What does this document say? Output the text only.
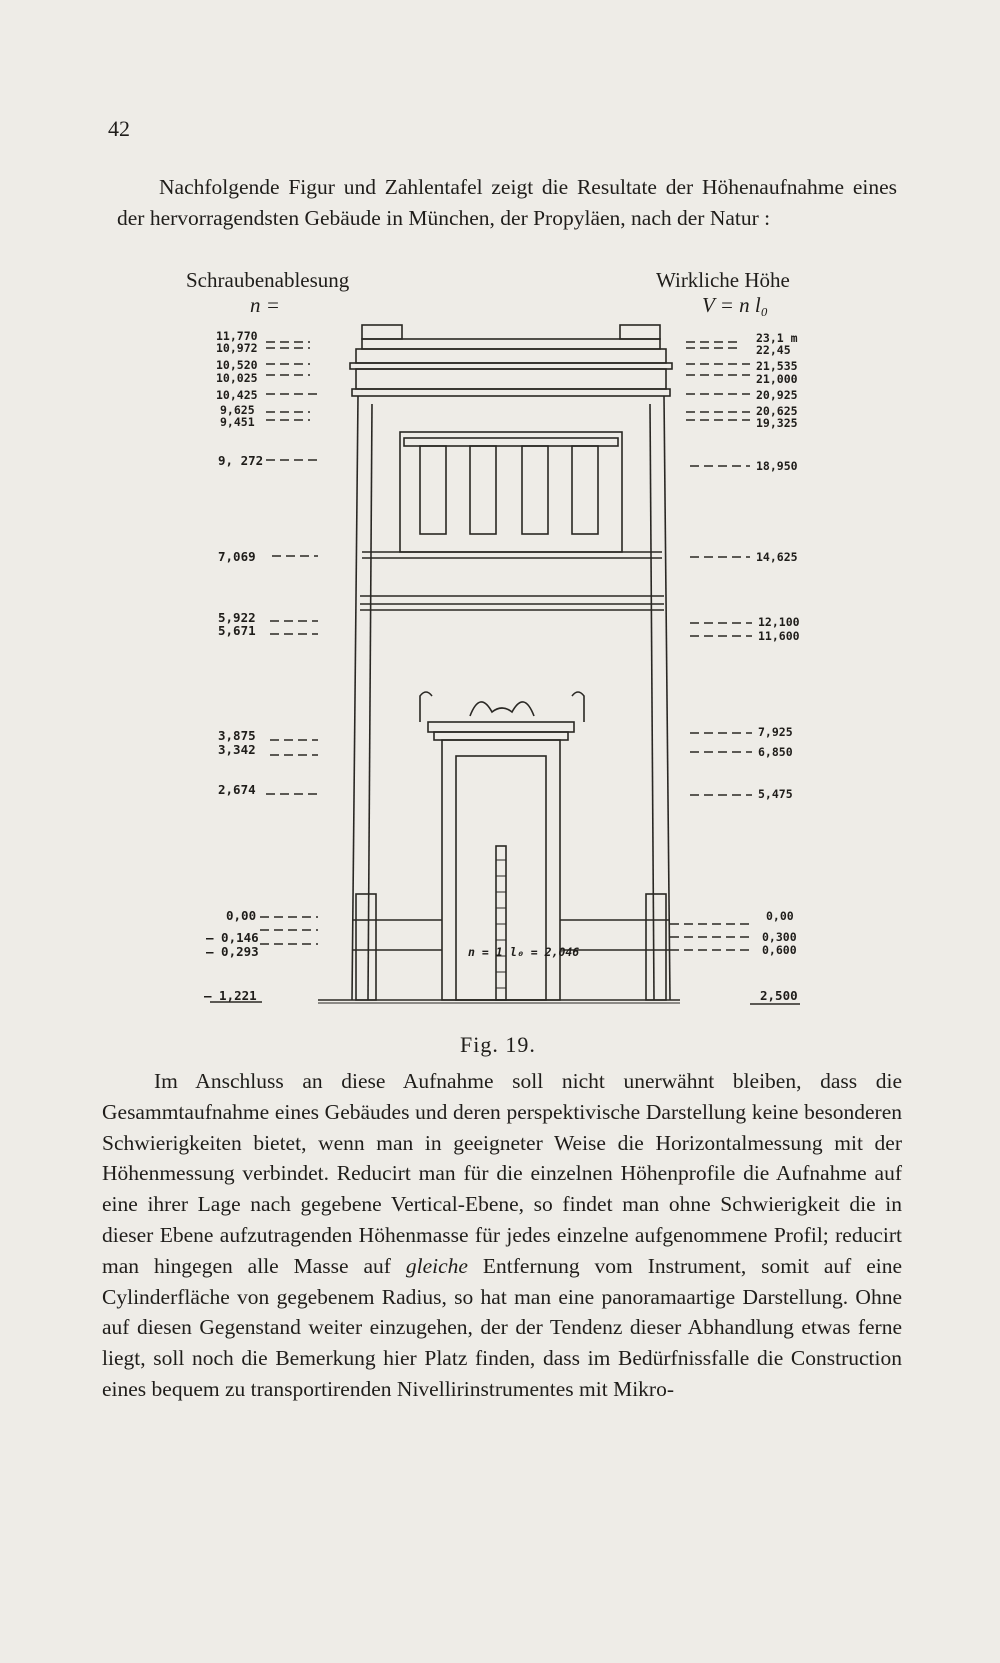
42
Nachfolgende Figur und Zahlentafel zeigt die Resultate der Höhenaufnahme eines der hervorragendsten Gebäude in München, der Propyläen, nach der Natur :
Schraubenablesung
n =
Wirkliche Höhe
V = n l₀
n = 1 l₀ = 2,046
11,770
10,972
10,520
10,025
10,425
9,625
9,451
9, 272
7,069
5,922
5,671
3,875
3,342
2,674
0,00
– 0,146
– 0,293
– 1,221
23,1 m
22,45
21,535
21,000
20,925
20,625
19,325
18,950
14,625
12,100
11,600
7,925
6,850
5,475
0,00
0,300
0,600
2,500
Fig. 19.
Im Anschluss an diese Aufnahme soll nicht unerwähnt bleiben, dass die Gesammtaufnahme eines Gebäudes und deren perspektivische Darstellung keine besonderen Schwierigkeiten bietet, wenn man in geeigneter Weise die Horizontalmessung mit der Höhenmessung verbindet. Reducirt man für die einzelnen Höhenprofile die Aufnahme auf eine ihrer Lage nach gegebene Vertical-Ebene, so findet man ohne Schwierigkeit die in dieser Ebene aufzutragenden Höhenmasse für jedes einzelne aufgenommene Profil; reducirt man hingegen alle Masse auf gleiche Entfernung vom Instrument, somit auf eine Cylinderfläche von gegebenem Radius, so hat man eine panoramaartige Darstellung. Ohne auf diesen Gegenstand weiter einzugehen, der der Tendenz dieser Abhandlung etwas ferne liegt, soll noch die Bemerkung hier Platz finden, dass im Bedürfnissfalle die Construction eines bequem zu transportirenden Nivellirinstrumentes mit Mikro-
